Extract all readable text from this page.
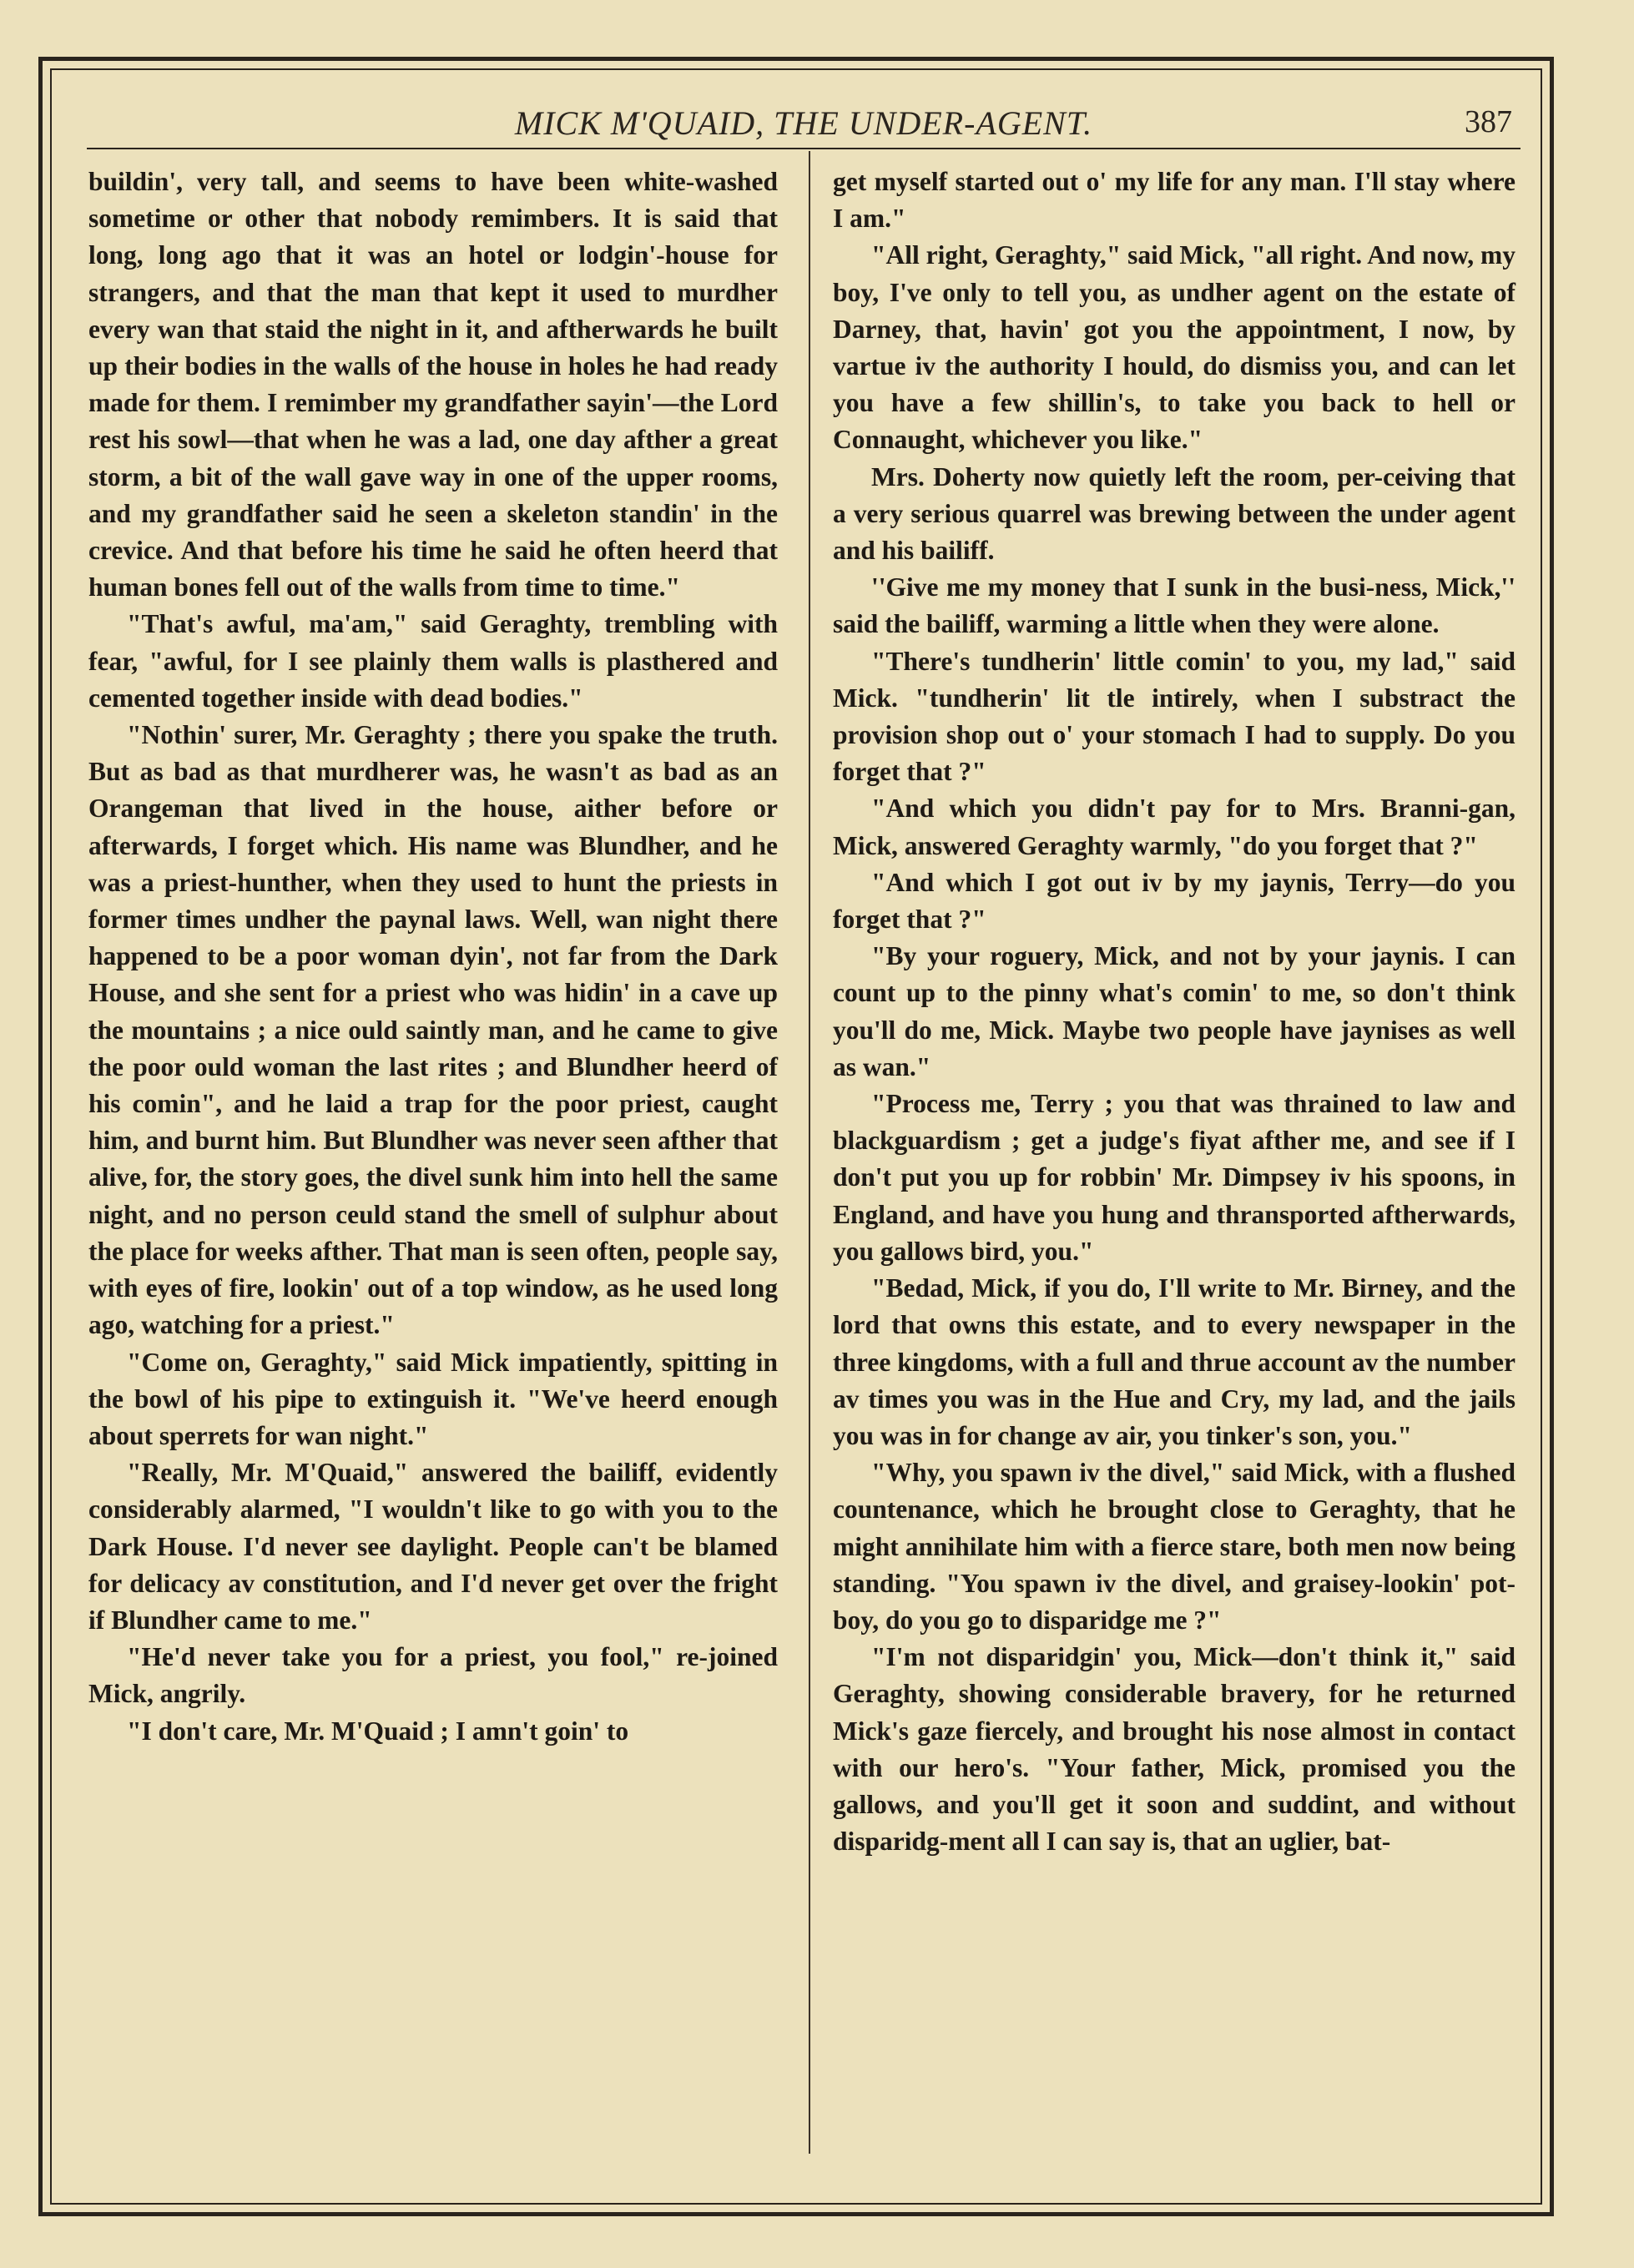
MICK M'QUAID, THE UNDER-AGENT.	387

buildin', very tall, and seems to have been white-washed sometime or other that nobody remimbers. It is said that long, long ago that it was an hotel or lodgin'-house for strangers, and that the man that kept it used to murdher every wan that staid the night in it, and aftherwards he built up their bodies in the walls of the house in holes he had ready made for them. I remimber my grandfather sayin'—the Lord rest his sowl—that when he was a lad, one day afther a great storm, a bit of the wall gave way in one of the upper rooms, and my grandfather said he seen a skeleton standin' in the crevice. And that before his time he said he often heerd that human bones fell out of the walls from time to time."

"That's awful, ma'am," said Geraghty, trembling with fear, "awful, for I see plainly them walls is plasthered and cemented together inside with dead bodies."

"Nothin' surer, Mr. Geraghty ; there you spake the truth. But as bad as that murdherer was, he wasn't as bad as an Orangeman that lived in the house, aither before or afterwards, I forget which. His name was Blundher, and he was a priest-hunther, when they used to hunt the priests in former times undher the paynal laws. Well, wan night there happened to be a poor woman dyin', not far from the Dark House, and she sent for a priest who was hidin' in a cave up the mountains ; a nice ould saintly man, and he came to give the poor ould woman the last rites ; and Blundher heerd of his comin", and he laid a trap for the poor priest, caught him, and burnt him. But Blundher was never seen afther that alive, for, the story goes, the divel sunk him into hell the same night, and no person ceuld stand the smell of sulphur about the place for weeks afther. That man is seen often, people say, with eyes of fire, lookin' out of a top window, as he used long ago, watching for a priest."

"Come on, Geraghty," said Mick impatiently, spitting in the bowl of his pipe to extinguish it. "We've heerd enough about sperrets for wan night."

"Really, Mr. M'Quaid," answered the bailiff, evidently considerably alarmed, "I wouldn't like to go with you to the Dark House. I'd never see daylight. People can't be blamed for delicacy av constitution, and I'd never get over the fright if Blundher came to me."

"He'd never take you for a priest, you fool," re-joined Mick, angrily.

"I don't care, Mr. M'Quaid ; I amn't goin' to

get myself started out o' my life for any man. I'll stay where I am."

"All right, Geraghty," said Mick, "all right. And now, my boy, I've only to tell you, as undher agent on the estate of Darney, that, havin' got you the appointment, I now, by vartue iv the authority I hould, do dismiss you, and can let you have a few shillin's, to take you back to hell or Connaught, whichever you like."

Mrs. Doherty now quietly left the room, per-ceiving that a very serious quarrel was brewing between the under agent and his bailiff.

''Give me my money that I sunk in the busi-ness, Mick,'' said the bailiff, warming a little when they were alone.

"There's tundherin' little comin' to you, my lad," said Mick. "tundherin' lit tle intirely, when I substract the provision shop out o' your stomach I had to supply. Do you forget that ?"

"And which you didn't pay for to Mrs. Branni-gan, Mick, answered Geraghty warmly, "do you forget that ?"

"And which I got out iv by my jaynis, Terry—do you forget that ?"

"By your roguery, Mick, and not by your jaynis. I can count up to the pinny what's comin' to me, so don't think you'll do me, Mick. Maybe two people have jaynises as well as wan."

"Process me, Terry ; you that was thrained to law and blackguardism ; get a judge's fiyat afther me, and see if I don't put you up for robbin' Mr. Dimpsey iv his spoons, in England, and have you hung and thransported aftherwards, you gallows bird, you."

"Bedad, Mick, if you do, I'll write to Mr. Birney, and the lord that owns this estate, and to every newspaper in the three kingdoms, with a full and thrue account av the number av times you was in the Hue and Cry, my lad, and the jails you was in for change av air, you tinker's son, you."

"Why, you spawn iv the divel," said Mick, with a flushed countenance, which he brought close to Geraghty, that he might annihilate him with a fierce stare, both men now being standing. "You spawn iv the divel, and graisey-lookin' pot-boy, do you go to disparidge me ?"

"I'm not disparidgin' you, Mick—don't think it," said Geraghty, showing considerable bravery, for he returned Mick's gaze fiercely, and brought his nose almost in contact with our hero's. "Your father, Mick, promised you the gallows, and you'll get it soon and suddint, and without disparidg-ment all I can say is, that an uglier, bat-
